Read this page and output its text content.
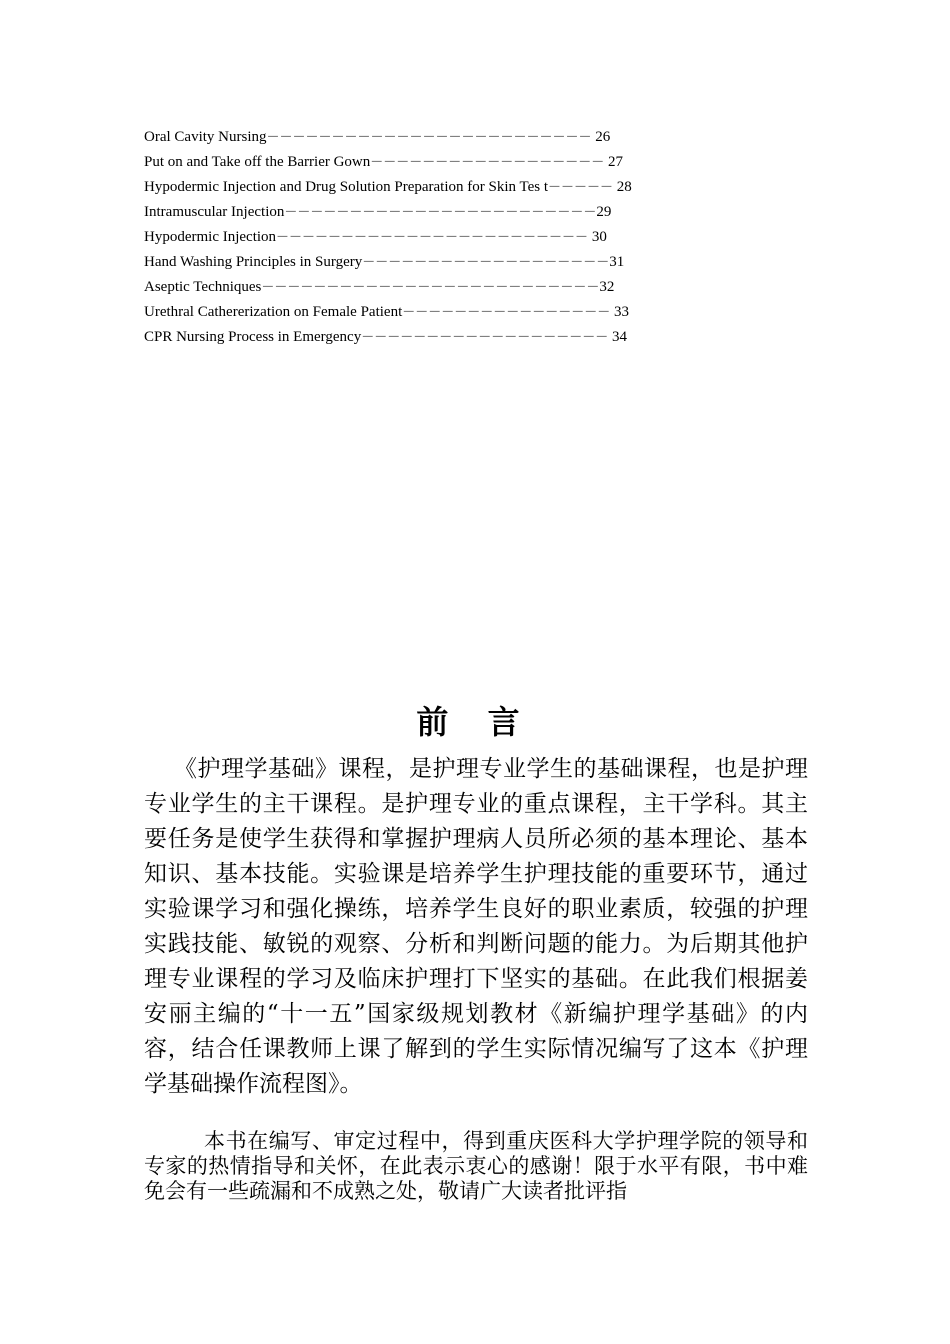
Oral Cavity Nursing－－－－－－－－－－－－－－－－－－－－－－－－－ 26
Put on and Take off the Barrier Gown－－－－－－－－－－－－－－－－－－ 27
Hypodermic Injection and Drug Solution Preparation for Skin Tes t－－－－－ 28
Intramuscular Injection－－－－－－－－－－－－－－－－－－－－－－－－29
Hypodermic Injection－－－－－－－－－－－－－－－－－－－－－－－－ 30
Hand Washing Principles in Surgery－－－－－－－－－－－－－－－－－－－31
Aseptic Techniques－－－－－－－－－－－－－－－－－－－－－－－－－－32
Urethral Cathererization on Female Patient－－－－－－－－－－－－－－－－ 33
CPR Nursing Process in Emergency－－－－－－－－－－－－－－－－－－－ 34
前 言

《护理学基础》课程，是护理专业学生的基础课程，也是护理专业学生的主干课程。是护理专业的重点课程，主干学科。其主要任务是使学生获得和掌握护理病人员所必须的基本理论、基本知识、基本技能。实验课是培养学生护理技能的重要环节，通过实验课学习和强化操练，培养学生良好的职业素质，较强的护理实践技能、敏锐的观察、分析和判断问题的能力。为后期其他护理专业课程的学习及临床护理打下坚实的基础。在此我们根据姜安丽主编的“十一五”国家级规划教材《新编护理学基础》的内容，结合任课教师上课了解到的学生实际情况编写了这本《护理学基础操作流程图》。

本书在编写、审定过程中，得到重庆医科大学护理学院的领导和专家的热情指导和关怀，在此表示衷心的感谢！限于水平有限，书中难免会有一些疏漏和不成熟之处，敬请广大读者批评指
